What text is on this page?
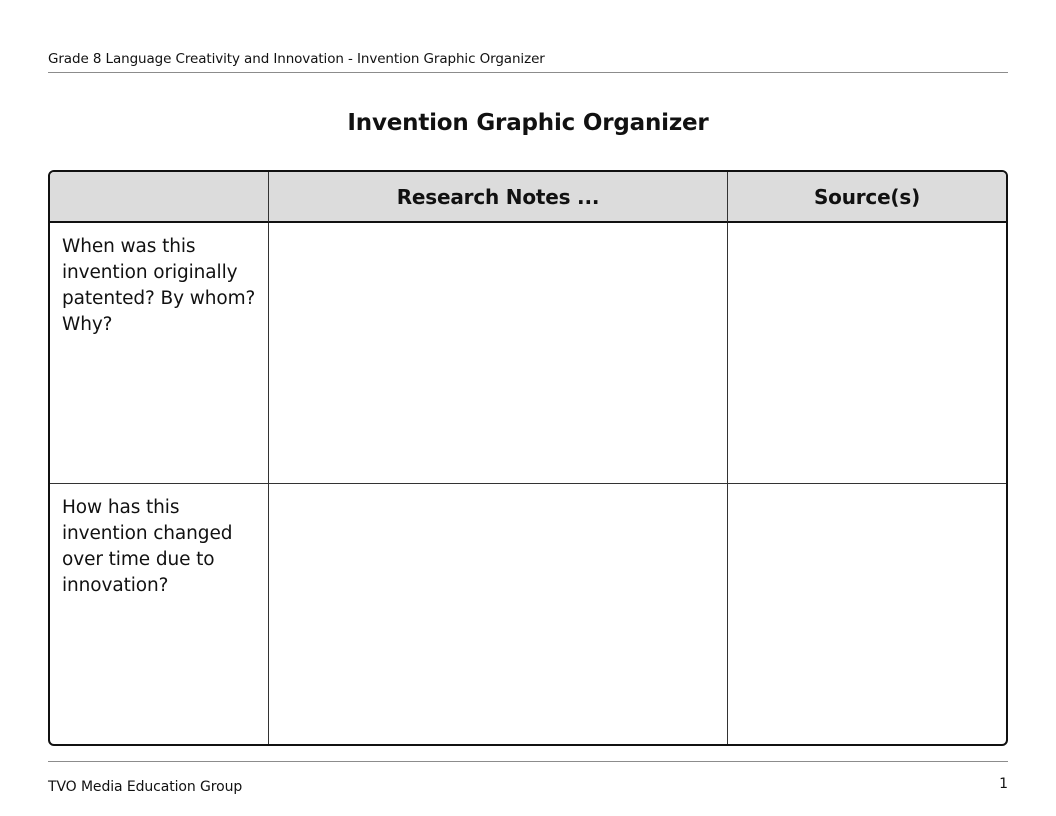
Grade 8 Language Creativity and Innovation - Invention Graphic Organizer
Invention Graphic Organizer
Research Notes ...	Source(s)
When was this invention originally patented? By whom? Why?
How has this invention changed over time due to innovation?
TVO Media Education Group	1
